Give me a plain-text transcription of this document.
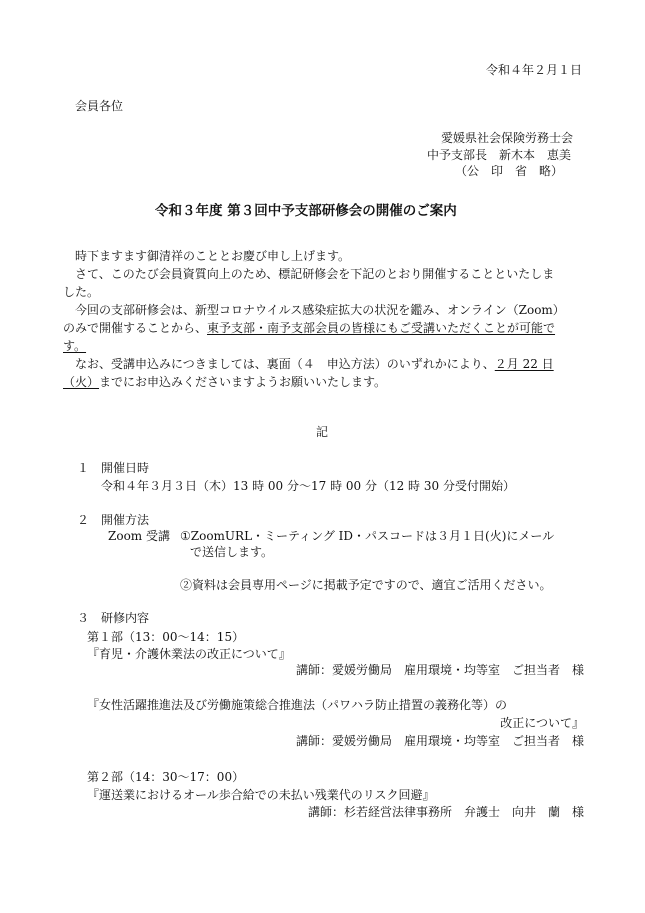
令和４年２月１日
会員各位
愛媛県社会保険労務士会
中予支部長　新木本　恵美
（公　印　省　略）
令和３年度 第３回中予支部研修会の開催のご案内
時下ますます御清祥のこととお慶び申し上げます。
さて、このたび会員資質向上のため、標記研修会を下記のとおり開催することといたしま
した。
今回の支部研修会は、新型コロナウイルス感染症拡大の状況を鑑み、オンライン（Zoom）
のみで開催することから、東予支部・南予支部会員の皆様にもご受講いただくことが可能で
す。
なお、受講申込みにつきましては、裏面（４　申込方法）のいずれかにより、２月 22 日
（火）までにお申込みくださいますようお願いいたします。
記
１　開催日時
令和４年３月３日（木）13 時 00 分～17 時 00 分（12 時 30 分受付開始）
２　開催方法
Zoom 受講 ①ZoomURL・ミーティング ID・パスコードは３月１日(火)にメール
で送信します。
②資料は会員専用ページに掲載予定ですので、適宜ご活用ください。
３　研修内容
第１部（13：00～14：15）
『育児・介護休業法の改正について』
講師：愛媛労働局　雇用環境・均等室　ご担当者　様
『女性活躍推進法及び労働施策総合推進法（パワハラ防止措置の義務化等）の
改正について』
講師：愛媛労働局　雇用環境・均等室　ご担当者　様
第２部（14：30～17：00）
『運送業におけるオール歩合給での未払い残業代のリスク回避』
講師：杉若経営法律事務所　弁護士　向井　蘭　様
